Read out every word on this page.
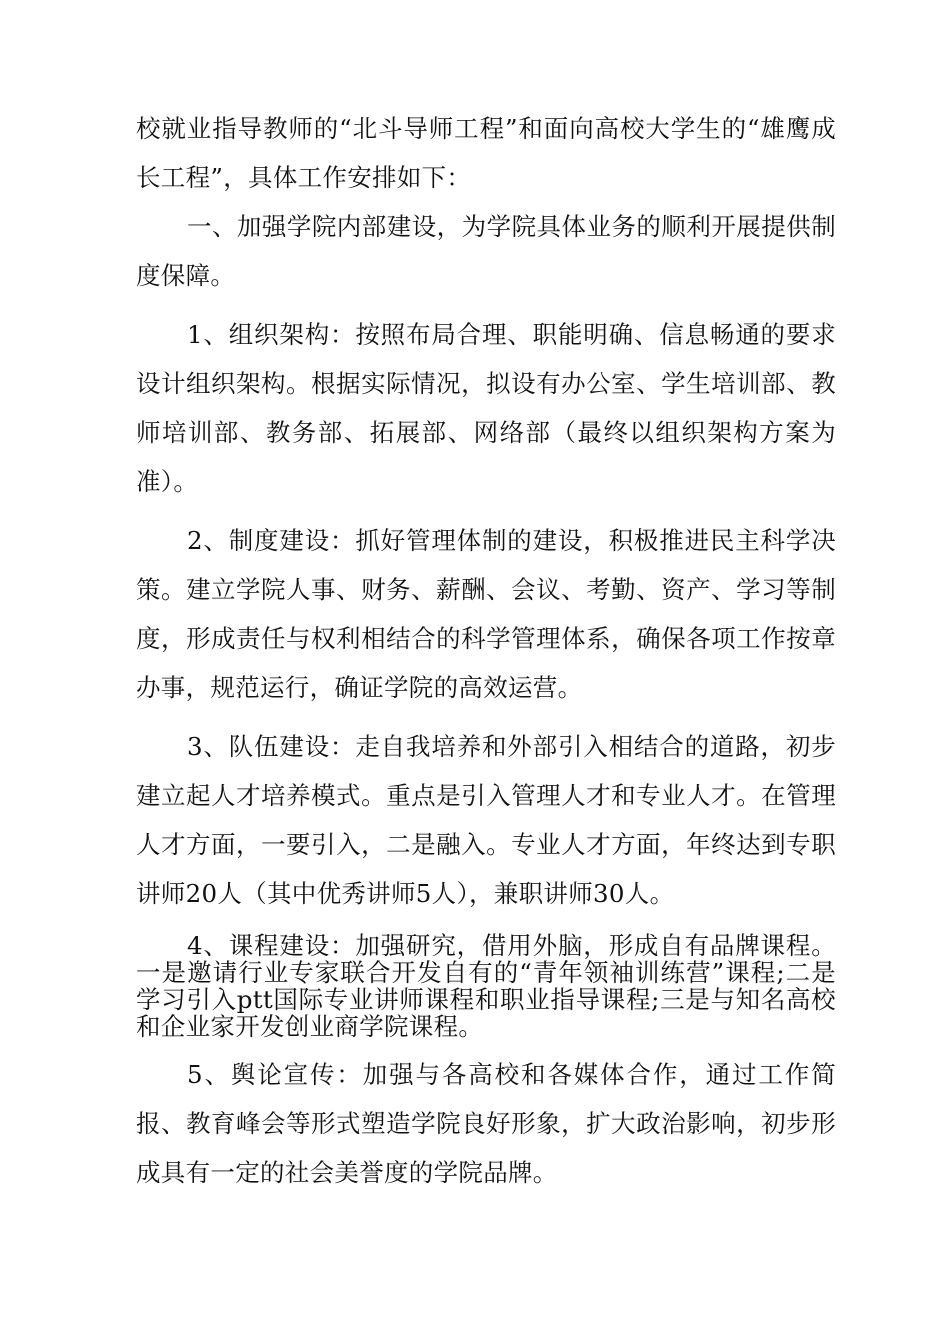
校就业指导教师的“北斗导师工程”和面向高校大学生的“雄鹰成长工程”，具体工作安排如下：

一、加强学院内部建设，为学院具体业务的顺利开展提供制度保障。

1、组织架构：按照布局合理、职能明确、信息畅通的要求设计组织架构。根据实际情况，拟设有办公室、学生培训部、教师培训部、教务部、拓展部、网络部（最终以组织架构方案为准）。

2、制度建设：抓好管理体制的建设，积极推进民主科学决策。建立学院人事、财务、薪酬、会议、考勤、资产、学习等制度，形成责任与权利相结合的科学管理体系，确保各项工作按章办事，规范运行，确证学院的高效运营。

3、队伍建设：走自我培养和外部引入相结合的道路，初步建立起人才培养模式。重点是引入管理人才和专业人才。在管理人才方面，一要引入，二是融入。专业人才方面，年终达到专职讲师20人（其中优秀讲师5人），兼职讲师30人。

4、课程建设：加强研究，借用外脑，形成自有品牌课程。一是邀请行业专家联合开发自有的“青年领袖训练营”课程;二是学习引入ptt国际专业讲师课程和职业指导课程;三是与知名高校和企业家开发创业商学院课程。

5、舆论宣传：加强与各高校和各媒体合作，通过工作简报、教育峰会等形式塑造学院良好形象，扩大政治影响，初步形成具有一定的社会美誉度的学院品牌。
